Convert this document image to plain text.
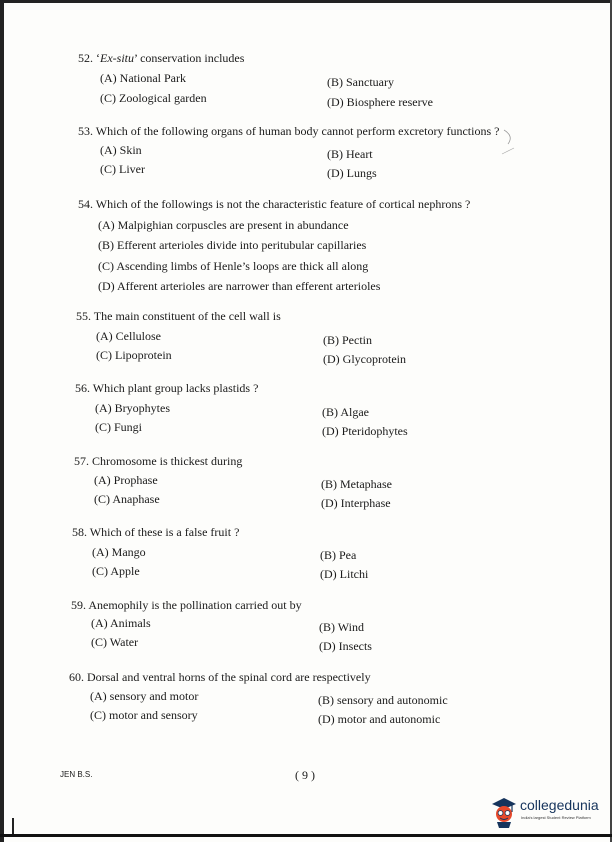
52. ‘Ex-situ’ conservation includes
(A) National Park	(B) Sanctuary
(C) Zoological garden	(D) Biosphere reserve
53. Which of the following organs of human body cannot perform excretory functions ?
(A) Skin	(B) Heart
(C) Liver	(D) Lungs
54. Which of the followings is not the characteristic feature of cortical nephrons ?
(A) Malpighian corpuscles are present in abundance
(B) Efferent arterioles divide into peritubular capillaries
(C) Ascending limbs of Henle’s loops are thick all along
(D) Afferent arterioles are narrower than efferent arterioles
55. The main constituent of the cell wall is
(A) Cellulose	(B) Pectin
(C) Lipoprotein	(D) Glycoprotein
56. Which plant group lacks plastids ?
(A) Bryophytes	(B) Algae
(C) Fungi	(D) Pteridophytes
57. Chromosome is thickest during
(A) Prophase	(B) Metaphase
(C) Anaphase	(D) Interphase
58. Which of these is a false fruit ?
(A) Mango	(B) Pea
(C) Apple	(D) Litchi
59. Anemophily is the pollination carried out by
(A) Animals	(B) Wind
(C) Water	(D) Insects
60. Dorsal and ventral horns of the spinal cord are respectively
(A) sensory and motor	(B) sensory and autonomic
(C) motor and sensory	(D) motor and autonomic
JEN B.S.	( 9 )
collegedunia
India's largest Student Review Platform
